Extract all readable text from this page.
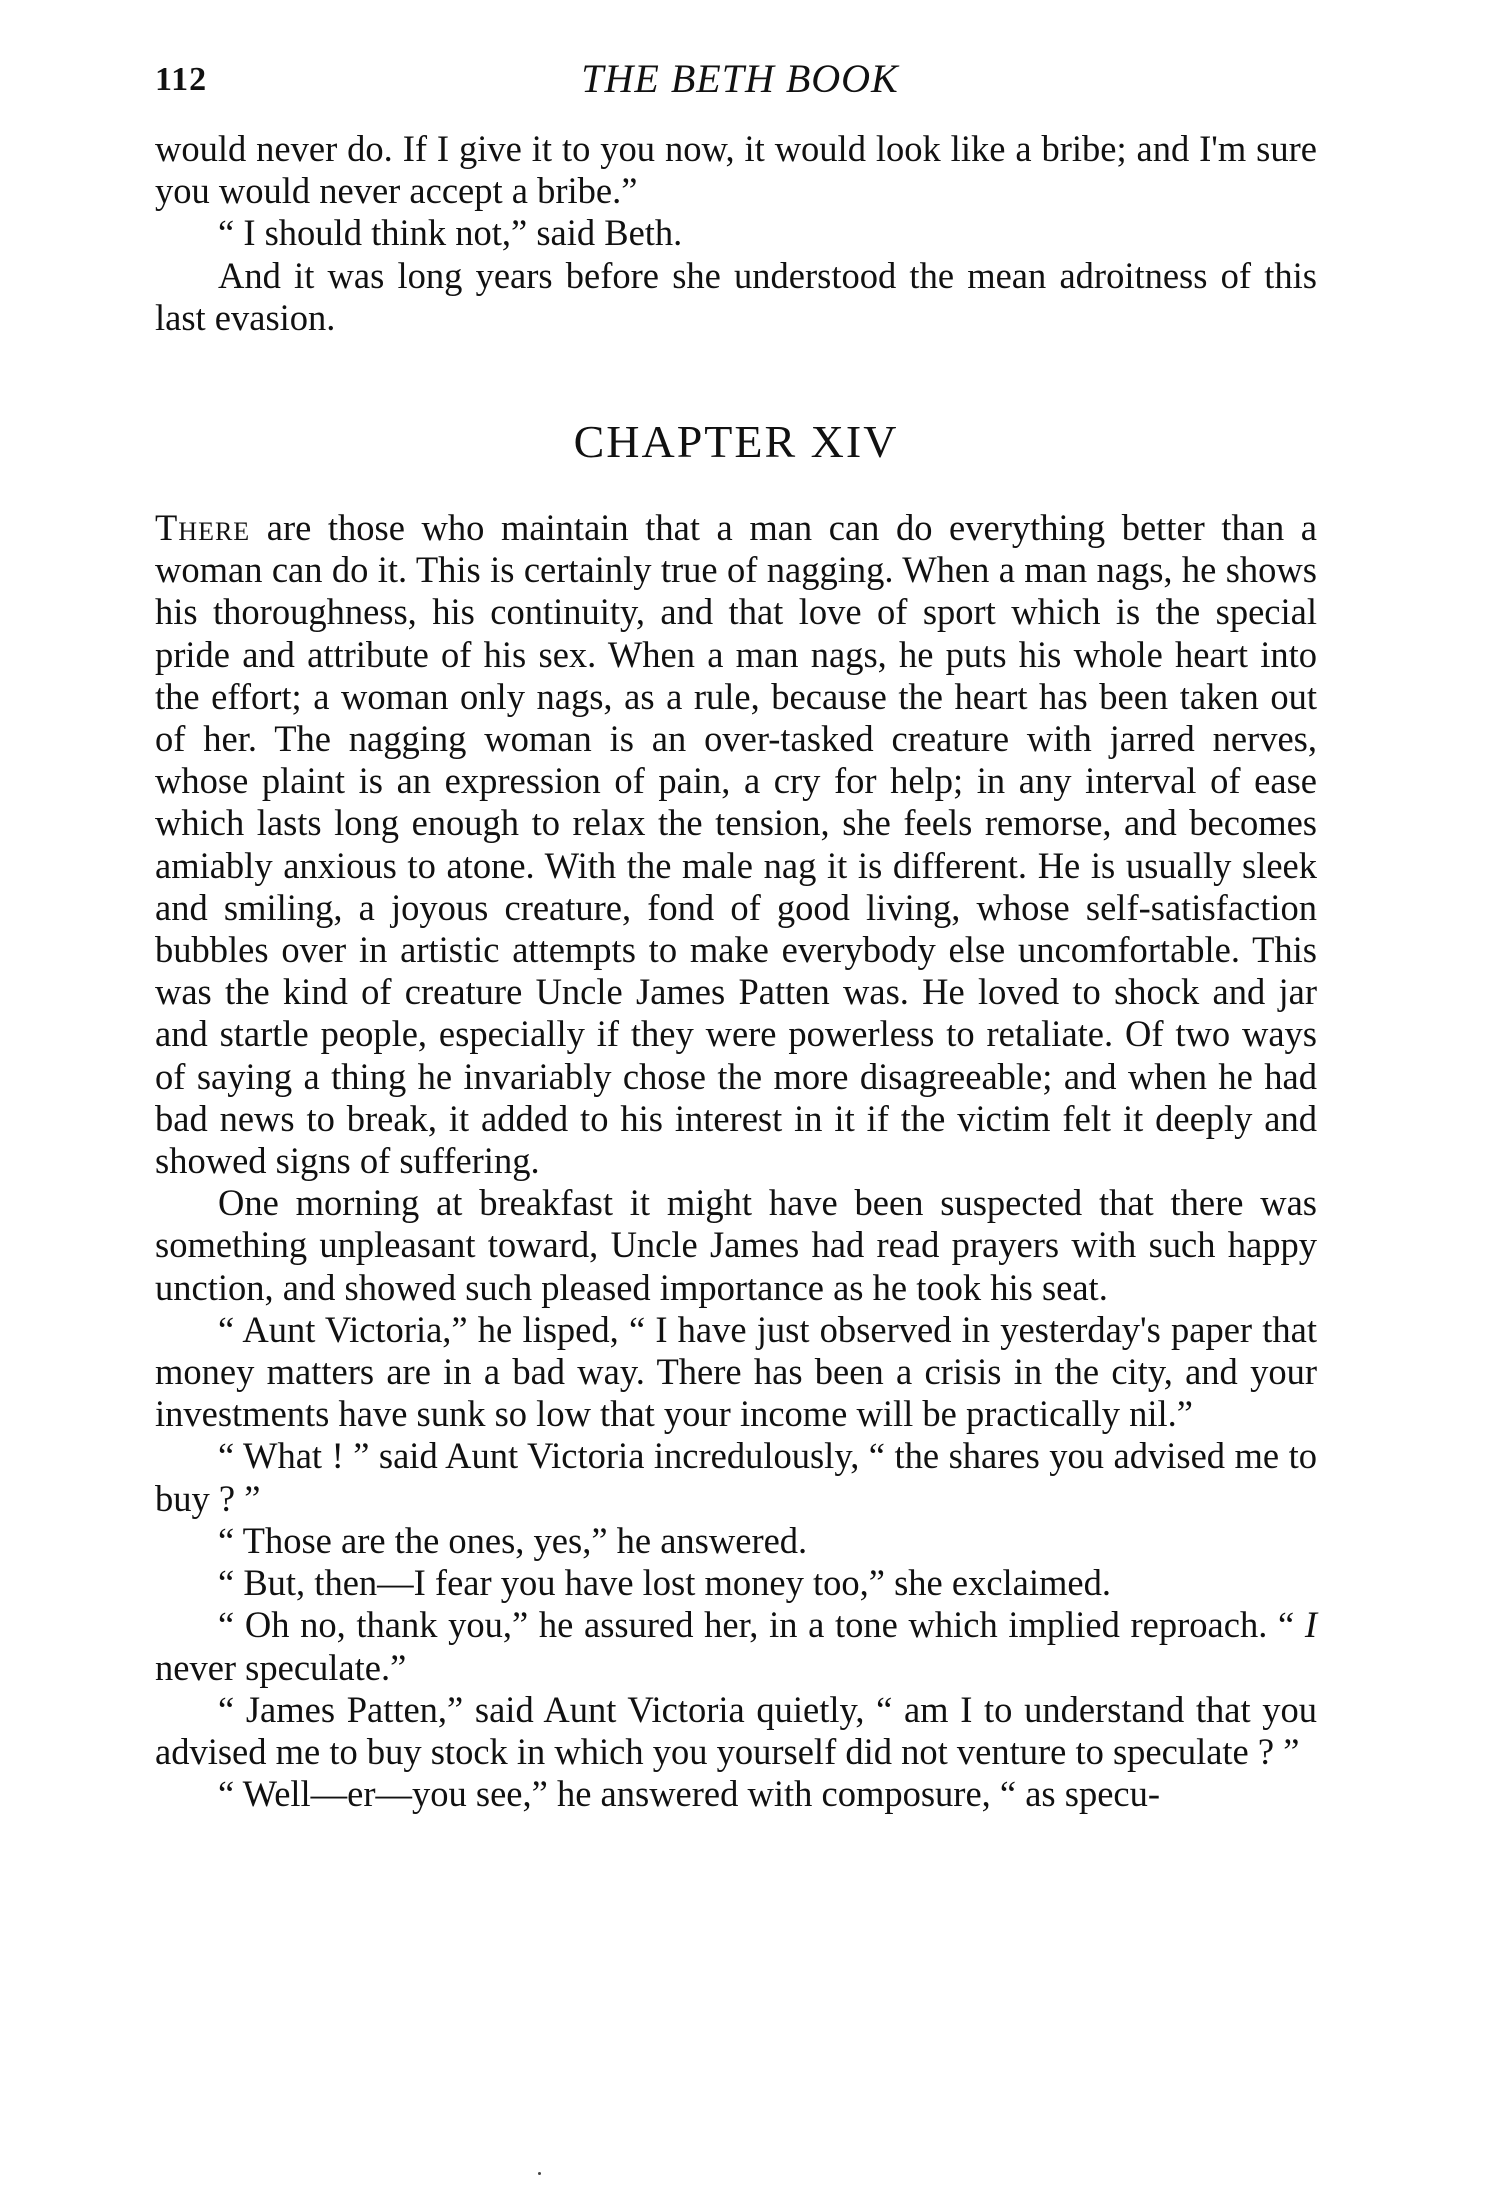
112	THE BETH BOOK

would never do. If I give it to you now, it would look like a bribe; and I'm sure you would never accept a bribe.”

“ I should think not,” said Beth.

And it was long years before she understood the mean adroitness of this last evasion.

CHAPTER XIV

There are those who maintain that a man can do everything better than a woman can do it. This is certainly true of nagging. When a man nags, he shows his thoroughness, his continuity, and that love of sport which is the special pride and attribute of his sex. When a man nags, he puts his whole heart into the effort; a woman only nags, as a rule, because the heart has been taken out of her. The nagging woman is an over-tasked creature with jarred nerves, whose plaint is an expression of pain, a cry for help; in any interval of ease which lasts long enough to relax the tension, she feels remorse, and becomes amiably anxious to atone. With the male nag it is different. He is usually sleek and smiling, a joyous creature, fond of good living, whose self-satisfaction bubbles over in artistic attempts to make everybody else uncomfortable. This was the kind of creature Uncle James Patten was. He loved to shock and jar and startle people, especially if they were powerless to retaliate. Of two ways of saying a thing he invariably chose the more disagreeable; and when he had bad news to break, it added to his interest in it if the victim felt it deeply and showed signs of suffering.

One morning at breakfast it might have been suspected that there was something unpleasant toward, Uncle James had read prayers with such happy unction, and showed such pleased importance as he took his seat.

“ Aunt Victoria,” he lisped, “ I have just observed in yesterday's paper that money matters are in a bad way. There has been a crisis in the city, and your investments have sunk so low that your income will be practically nil.”

“ What ! ” said Aunt Victoria incredulously, “ the shares you advised me to buy ? ”

“ Those are the ones, yes,” he answered.

“ But, then—I fear you have lost money too,” she exclaimed.

“ Oh no, thank you,” he assured her, in a tone which implied reproach. “ I never speculate.”

“ James Patten,” said Aunt Victoria quietly, “ am I to understand that you advised me to buy stock in which you yourself did not venture to speculate ? ”

“ Well—er—you see,” he answered with composure, “ as specu-
